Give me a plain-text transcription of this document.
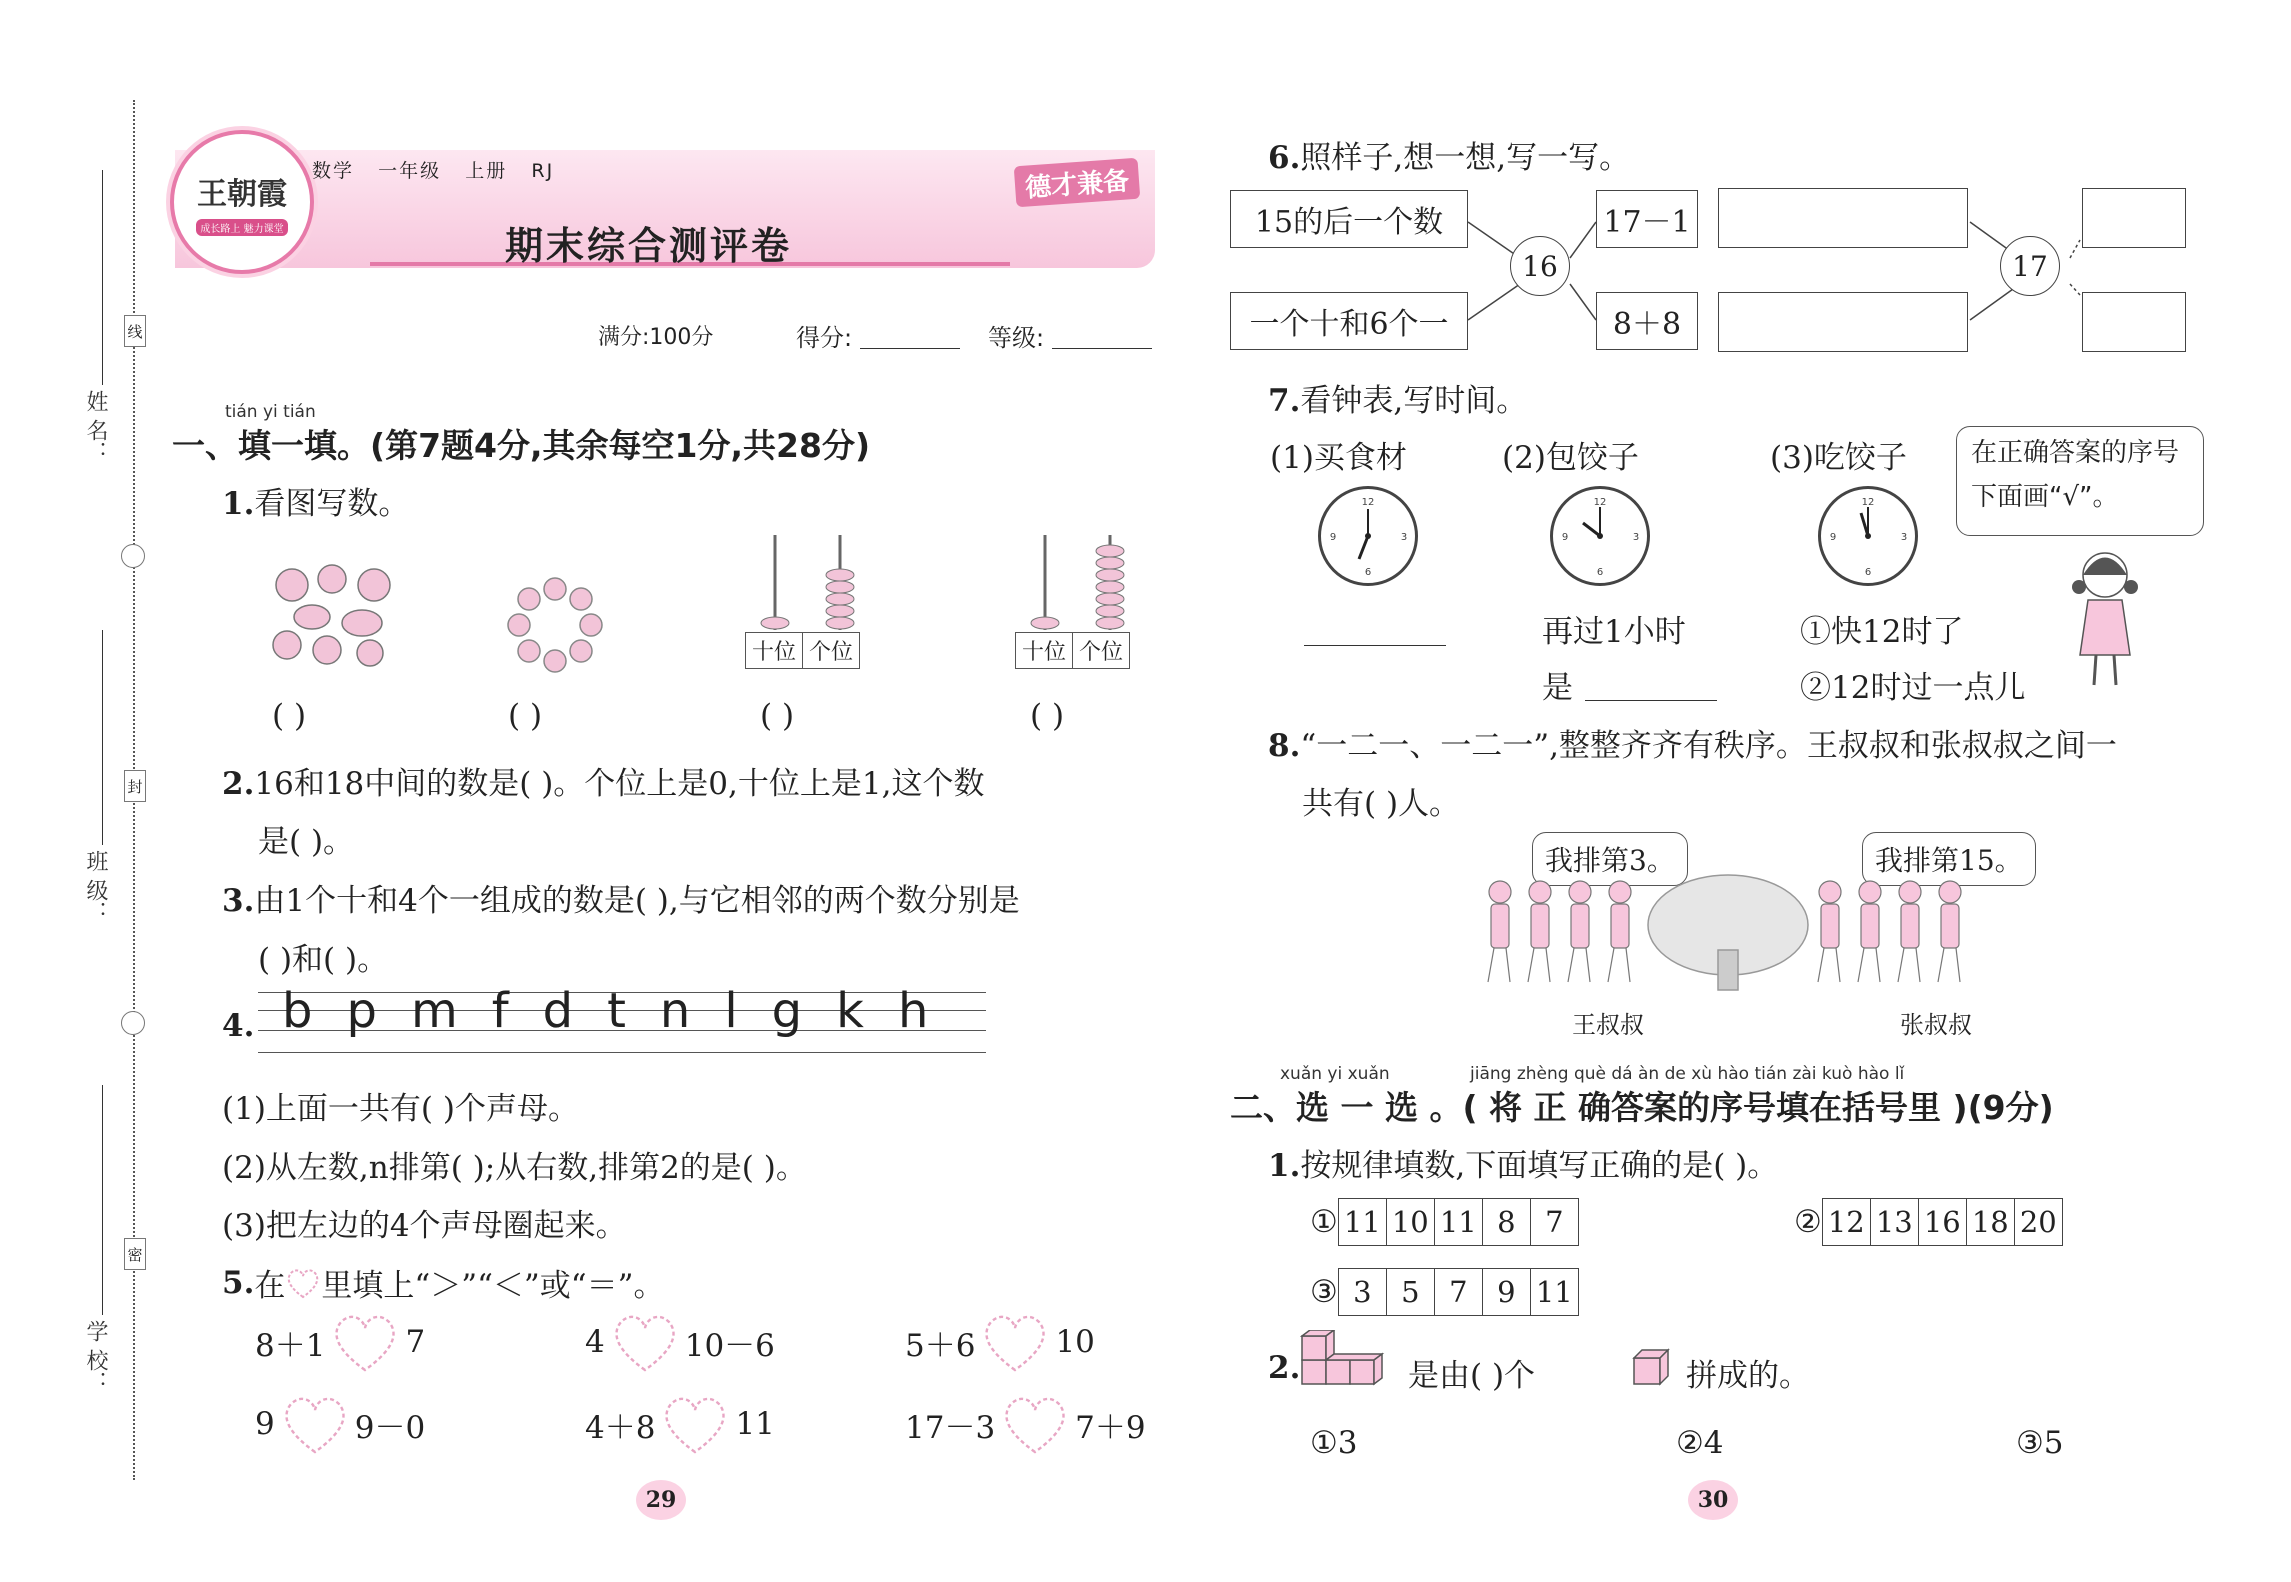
姓 名：
班 级：
学 校：
线
封
密
王朝霞
成长路上 魅力课堂
数学 一年级 上册 RJ	德才兼备
期末综合测评卷
满分:100分	得分:	等级:
tián yi tián
一、填一填。(第7题4分,其余每空1分,共28分)
1.看图写数。
十位 个位	十位 个位
( )	( )	( )	( )
2.16和18中间的数是( )。个位上是0,十位上是1,这个数
是( )。
3.由1个十和4个一组成的数是( ),与它相邻的两个数分别是
( )和( )。
4. b p m f d t n l g k h
(1)上面一共有( )个声母。
(2)从左数,n排第( );从右数,排第2的是( )。
(3)把左边的4个声母圈起来。
5. 在 里填上“＞”“＜”或“＝”。
8＋1	7	4	10－6	5＋6	10
9	9－0	4＋8	11	17－3	7＋9
29
6.照样子,想一想,写一写。
15的后一个数
一个十和6个一
16
17－1
8＋8
17
7.看钟表,写时间。
(1)买食材	(2)包饺子	(3)吃饺子
12
6
9	3
12
6
9	3
12
6
9	3
在正确答案的序号下面画“√”。
再过1小时
是
①快12时了
②12时过一点儿
8.“一二一、一二一”,整整齐齐有秩序。王叔叔和张叔叔之间一
共有( )人。
我排第3。	我排第15。
王叔叔	张叔叔
xuǎn yi xuǎn	jiāng zhèng què dá àn de xù hào tián zài kuò hào lǐ
二、选 一 选 。( 将 正 确答案的序号填在括号里 )(9分)
1.按规律填数,下面填写正确的是( )。
① 11 10 11 8	7	② 12 13 16 18 20
③ 3	5	7	9 11
2.	是由( )个	拼成的。
①3	②4	③5
30
